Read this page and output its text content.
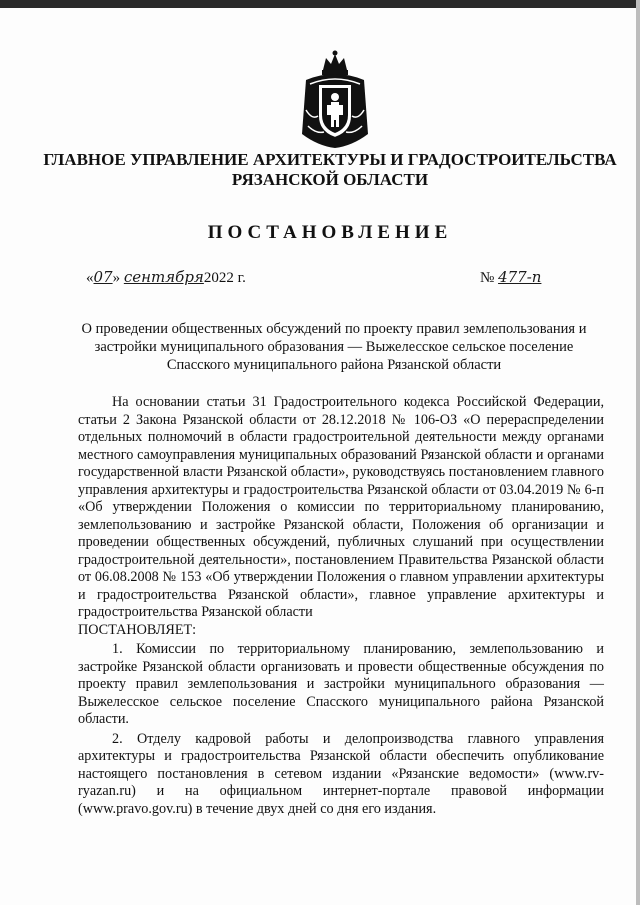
ГЛАВНОЕ УПРАВЛЕНИЕ АРХИТЕКТУРЫ И ГРАДОСТРОИТЕЛЬСТВА
РЯЗАНСКОЙ ОБЛАСТИ
ПОСТАНОВЛЕНИЕ
«07» сентября2022 г.	№ 477-п
О проведении общественных обсуждений по проекту правил землепользования и застройки муниципального образования — Выжелесское сельское поселение Спасского муниципального района Рязанской области

На основании статьи 31 Градостроительного кодекса Российской Федерации, статьи 2 Закона Рязанской области от 28.12.2018 № 106-ОЗ «О перераспределении отдельных полномочий в области градостроительной деятельности между органами местного самоуправления муниципальных образований Рязанской области и органами государственной власти Рязанской области», руководствуясь постановлением главного управления архитектуры и градостроительства Рязанской области от 03.04.2019 № 6-п «Об утверждении Положения о комиссии по территориальному планированию, землепользованию и застройке Рязанской области, Положения об организации и проведении общественных обсуждений, публичных слушаний при осуществлении градостроительной деятельности», постановлением Правительства Рязанской области от 06.08.2008 № 153 «Об утверждении Положения о главном управлении архитектуры и градостроительства Рязанской области», главное управление архитектуры и градостроительства Рязанской области

ПОСТАНОВЛЯЕТ:

1. Комиссии по территориальному планированию, землепользованию и застройке Рязанской области организовать и провести общественные обсуждения по проекту правил землепользования и застройки муниципального образования — Выжелесское сельское поселение Спасского муниципального района Рязанской области.

2. Отделу кадровой работы и делопроизводства главного управления архитектуры и градостроительства Рязанской области обеспечить опубликование настоящего постановления в сетевом издании «Рязанские ведомости» (www.rv-ryazan.ru) и на официальном интернет-портале правовой информации (www.pravo.gov.ru) в течение двух дней со дня его издания.
